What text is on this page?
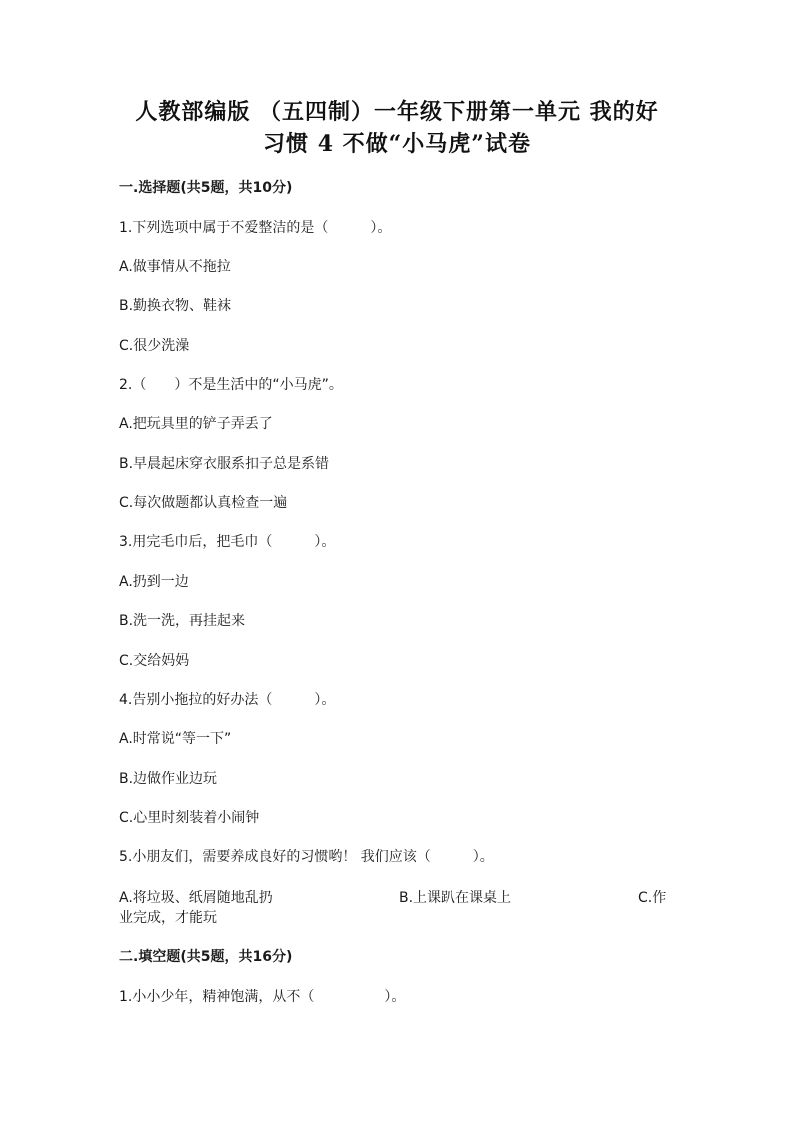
人教部编版 （五四制）一年级下册第一单元 我的好
习惯 4 不做“小马虎”试卷
一.选择题(共5题，共10分)
1.下列选项中属于不爱整洁的是（　　　）。
A.做事情从不拖拉
B.勤换衣物、鞋袜
C.很少洗澡
2.（　　）不是生活中的“小马虎”。
A.把玩具里的铲子弄丢了
B.早晨起床穿衣服系扣子总是系错
C.每次做题都认真检查一遍
3.用完毛巾后，把毛巾（　　　）。
A.扔到一边
B.洗一洗，再挂起来
C.交给妈妈
4.告别小拖拉的好办法（　　　）。
A.时常说“等一下”
B.边做作业边玩
C.心里时刻装着小闹钟
5.小朋友们，需要养成良好的习惯哟！ 我们应该（　　　）。
A.将垃圾、纸屑随地乱扔	B.上课趴在课桌上	C.作
业完成，才能玩
二.填空题(共5题，共16分)
1.小小少年，精神饱满，从不（　　　　　）。
